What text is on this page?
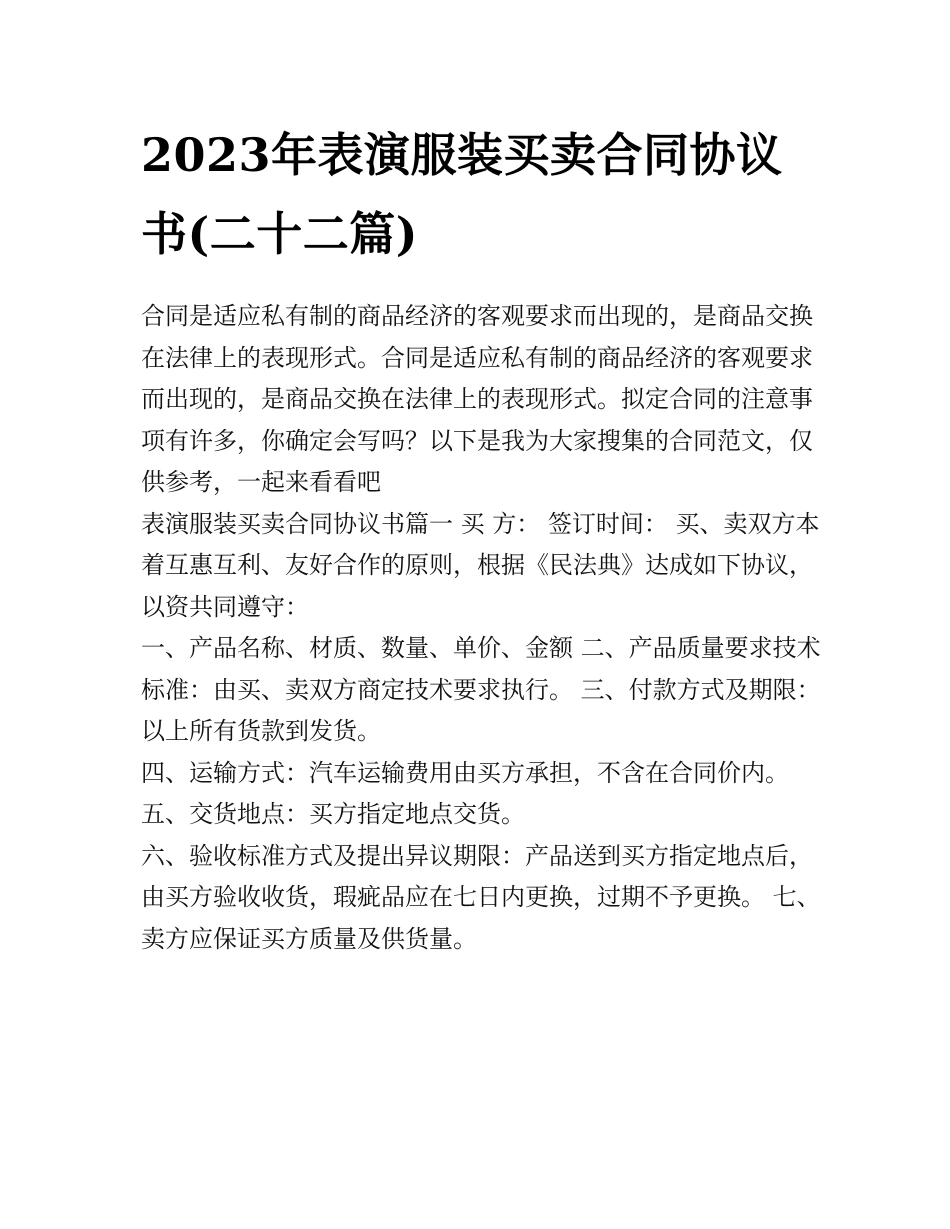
2023年表演服装买卖合同协议书(二十二篇)

合同是适应私有制的商品经济的客观要求而出现的，是商品交换在法律上的表现形式。合同是适应私有制的商品经济的客观要求而出现的，是商品交换在法律上的表现形式。拟定合同的注意事项有许多，你确定会写吗？以下是我为大家搜集的合同范文，仅供参考，一起来看看吧

表演服装买卖合同协议书篇一 买 方： 签订时间： 买、卖双方本着互惠互利、友好合作的原则，根据《民法典》达成如下协议，以资共同遵守：

一、产品名称、材质、数量、单价、金额 二、产品质量要求技术标准：由买、卖双方商定技术要求执行。 三、付款方式及期限：以上所有货款到发货。

四、运输方式：汽车运输费用由买方承担，不含在合同价内。

五、交货地点：买方指定地点交货。

六、验收标准方式及提出异议期限：产品送到买方指定地点后，由买方验收收货，瑕疵品应在七日内更换，过期不予更换。 七、卖方应保证买方质量及供货量。
